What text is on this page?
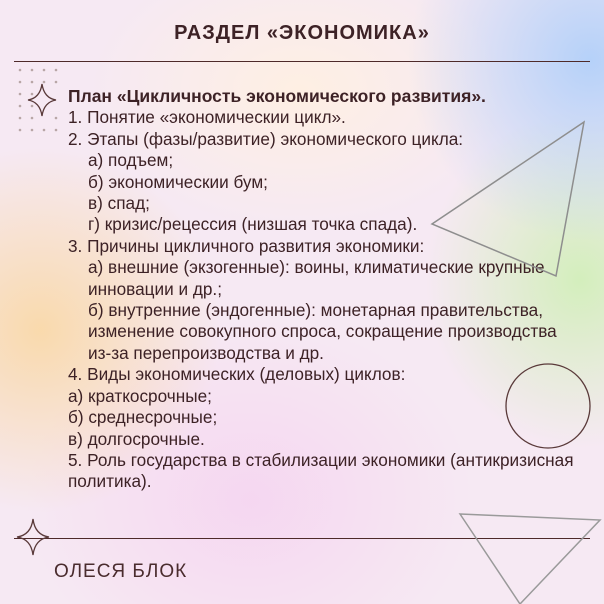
РАЗДЕЛ «ЭКОНОМИКА»
План «Цикличность экономического развития».
1. Понятие «экономическии цикл».
2. Этапы (фазы/развитие) экономического цикла:
а) подъем;
б) экономическии бум;
в) спад;
г) кризис/рецессия (низшая точка спада).
3. Причины цикличного развития экономики:
а) внешние (экзогенные): воины, климатические крупные инновации и др.;
б) внутренние (эндогенные): монетарная правительства, изменение совокупного спроса, сокращение производства из-за перепроизводства и др.
4. Виды экономических (деловых) циклов:
а) краткосрочные;
б) среднесрочные;
в) долгосрочные.
5. Роль государства в стабилизации экономики (антикризисная политика).
ОЛЕСЯ БЛОК
